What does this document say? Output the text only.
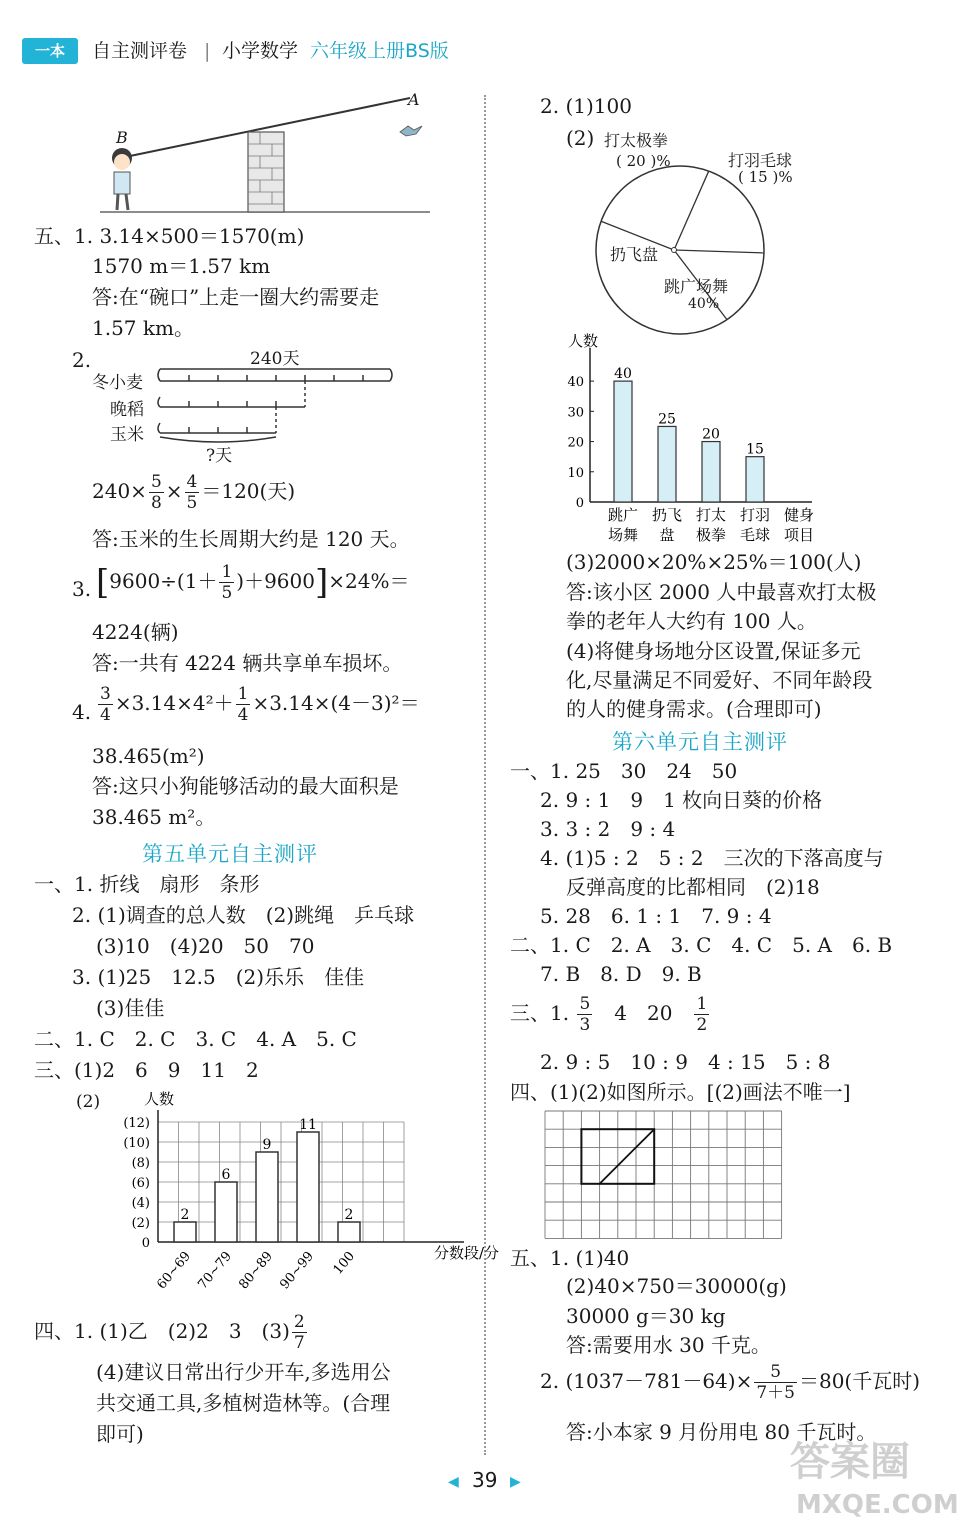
一本	自主测评卷 | 小学数学 六年级上册BS版
B
A
五、1. 3.14×500＝1570(m)
1570 m＝1.57 km
答:在“碗口”上走一圈大约需要走
1.57 km。
2.	240天
冬小麦
晚稻
玉米
?天
$240\times \frac{5}{8} \times \frac{4}{5} =120$(天)
答:玉米的生长周期大约是 120 天。
3. $[9600\div(1+ \frac{1}{5} )+9600]\times 24\%=$
4224(辆)
答:一共有 4224 辆共享单车损坏。
4. $\frac{3}{4} \times 3.14\times 4^2+ \frac{1}{4} \times 3.14\times(4-3)^2=$
38.465(m²)
答:这只小狗能够活动的最大面积是
38.465 m²。
第五单元自主测评
一、1. 折线　扇形　条形
2. (1)调查的总人数　(2)跳绳　乒乓球
(3)10　(4)20　50　70
3. (1)25　12.5　(2)乐乐　佳佳
(3)佳佳
二、1. C　2. C　3. C　4. A　5. C
三、(1)2　6　9　11　2
(2)	人数
0
(2)
(4)
(6)
(8)
(10)
(12)
2
60~69
6
70~79
9
80~89
11
90~99
2
100	分数段/分
四、1. (1)乙　(2)2　3　$(3) \frac{2}{7}$
(4)建议日常出行少开车,多选用公
共交通工具,多植树造林等。(合理
即可)
2. (1)100
(2) 打太极拳
( 20 )%	打羽毛球
( 15 )%
扔飞盘
跳广场舞
40%
人数
0
10
20
30
40
40
25
20
15
跳广
场舞
扔飞
盘
打太
极拳
打羽
毛球
健身
项目
(3)2000×20%×25%＝100(人)
答:该小区 2000 人中最喜欢打太极
拳的老年人大约有 100 人。
(4)将健身场地分区设置,保证多元
化,尽量满足不同爱好、不同年龄段
的人的健身需求。(合理即可)
第六单元自主测评
一、1. 25　30　24　50
2. 9 : 1　9　1 枚向日葵的价格
3. 3 : 2　9 : 4
4. (1)5 : 2　5 : 2　三次的下落高度与
反弹高度的比都相同　(2)18
5. 28　6. 1 : 1　7. 9 : 4
二、1. C　2. A　3. C　4. C　5. A　6. B
7. B　8. D　9. B
三、1. $\frac{5}{3}$
　 4　20　 $\frac{1}{2}$
2. 9 : 5　10 : 9　4 : 15　5 : 8
四、(1)(2)如图所示。[(2)画法不唯一]
五、1. (1)40
(2)40×750＝30000(g)
30000 g＝30 kg
答:需要用水 30 千克。
2. $(1037-781-64)\times \frac{5}{7+5} =80$(千瓦时)
答:小本家 9 月份用电 80 千瓦时。
◀ 39 ▶	答案圈
MXQE.COM
